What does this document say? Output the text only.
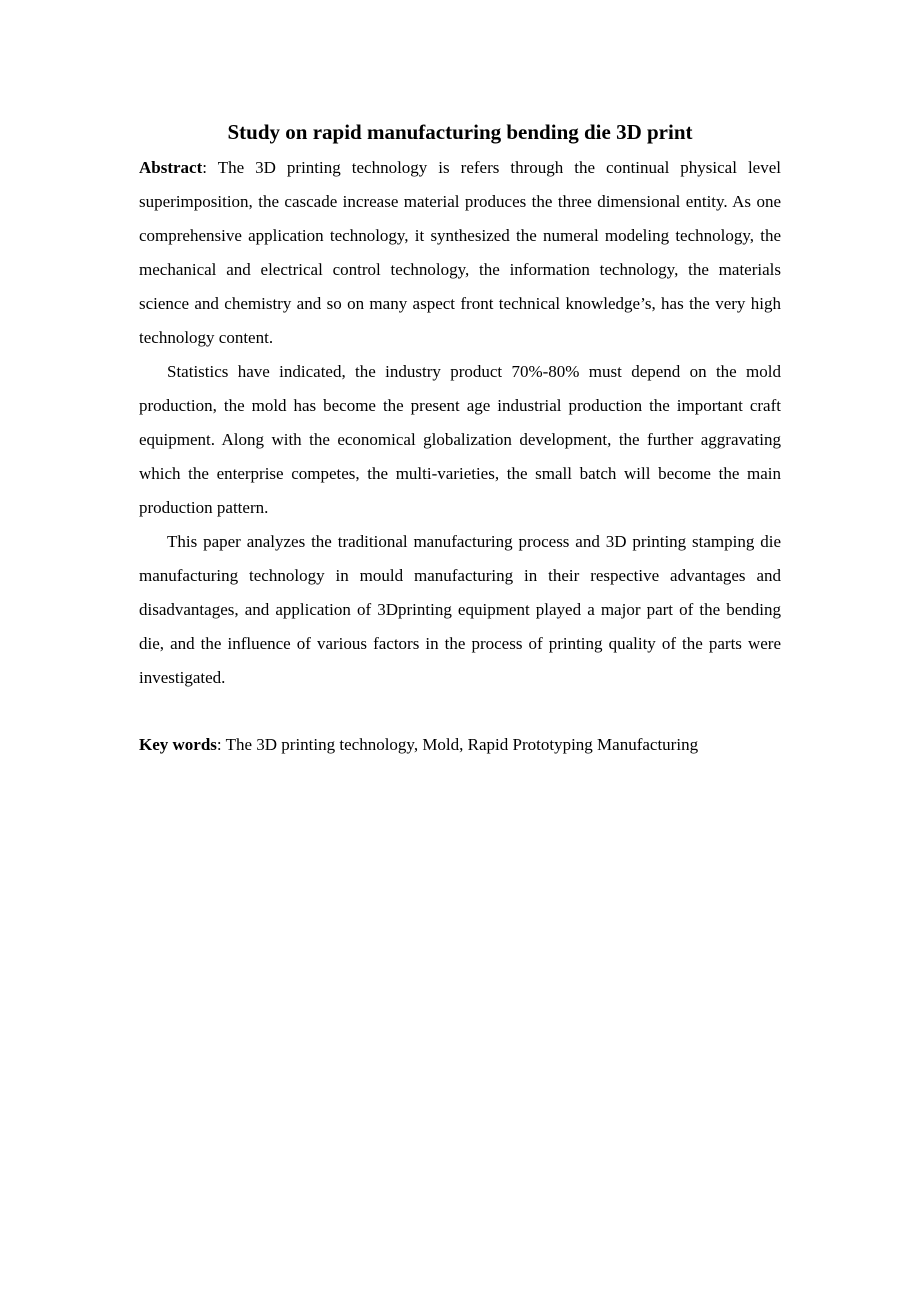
Study on rapid manufacturing bending die 3D print

Abstract: The 3D printing technology is refers through the continual physical level superimposition, the cascade increase material produces the three dimensional entity. As one comprehensive application technology, it synthesized the numeral modeling technology, the mechanical and electrical control technology, the information technology, the materials science and chemistry and so on many aspect front technical knowledge’s, has the very high technology content.

Statistics have indicated, the industry product 70%-80% must depend on the mold production, the mold has become the present age industrial production the important craft equipment. Along with the economical globalization development, the further aggravating which the enterprise competes, the multi-varieties, the small batch will become the main production pattern.

This paper analyzes the traditional manufacturing process and 3D printing stamping die manufacturing technology in mould manufacturing in their respective advantages and disadvantages, and application of 3Dprinting equipment played a major part of the bending die, and the influence of various factors in the process of printing quality of the parts were investigated.

Key words: The 3D printing technology, Mold, Rapid Prototyping Manufacturing
